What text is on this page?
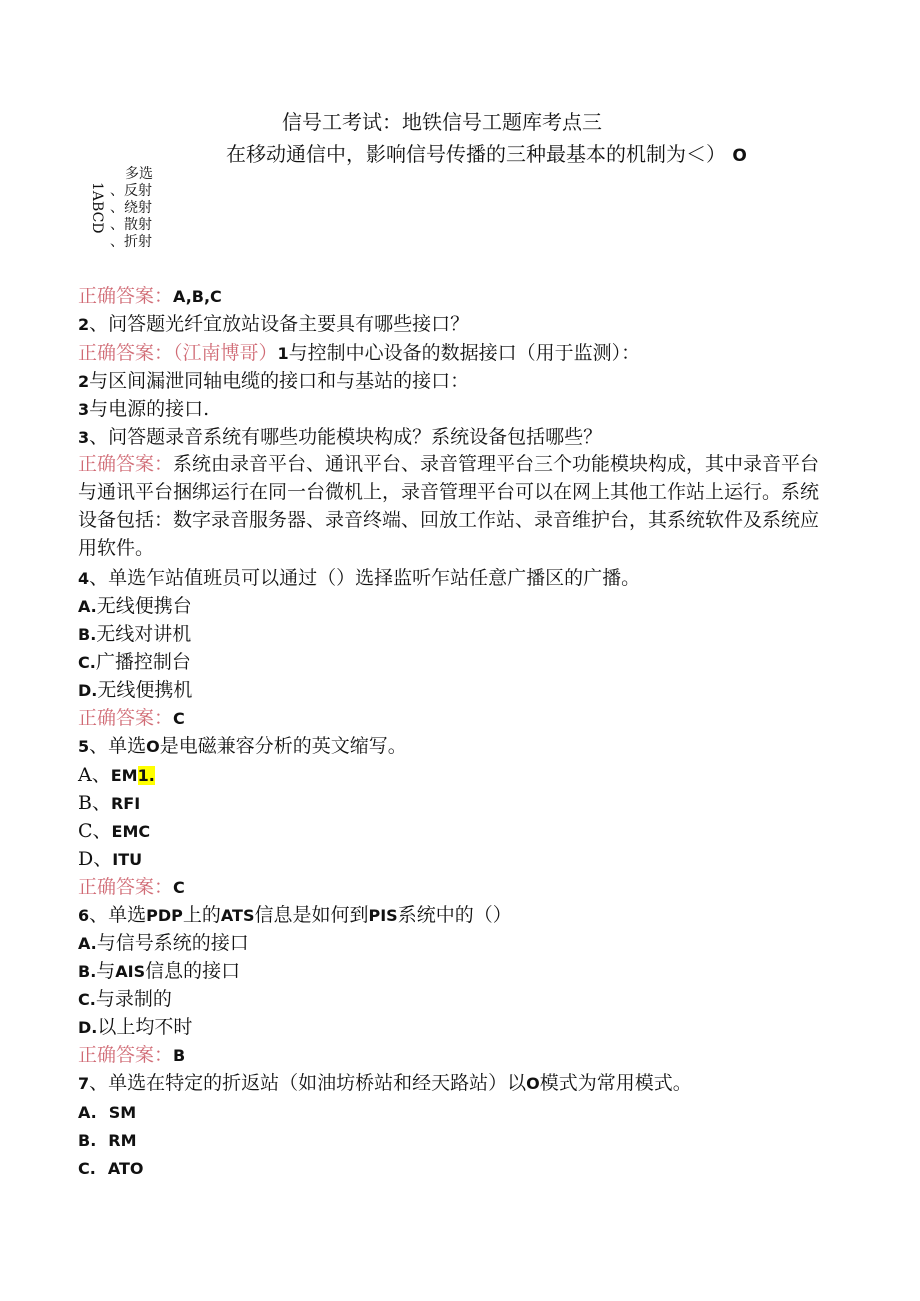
信号工考试：地铁信号工题库考点三
在移动通信中，影响信号传播的三种最基本的机制为＜） O
多选
1ABCD 、反射
、绕射
、散射
、折射
正确答案：A,B,C
2、问答题光纤宜放站设备主要具有哪些接口？
正确答案：（江南博哥）1与控制中心设备的数据接口（用于监测）：
2与区间漏泄同轴电缆的接口和与基站的接口：
3与电源的接口.
3、问答题录音系统有哪些功能模块构成？系统设备包括哪些？
正确答案：系统由录音平台、通讯平台、录音管理平台三个功能模块构成，其中录音平台与通讯平台捆绑运行在同一台微机上，录音管理平台可以在网上其他工作站上运行。系统设备包括：数字录音服务器、录音终端、回放工作站、录音维护台，其系统软件及系统应用软件。
4、单选乍站值班员可以通过（）选择监听乍站任意广播区的广播。
A.无线便携台
B.无线对讲机
C.广播控制台
D.无线便携机
正确答案：C
5、单选O是电磁兼容分析的英文缩写。
A、EM1.
B、RFI
C、EMC
D、ITU
正确答案：C
6、单选PDP上的ATS信息是如何到PIS系统中的（）
A.与信号系统的接口
B.与AIS信息的接口
C.与录制的
D.以上均不时
正确答案：B
7、单选在特定的折返站（如油坊桥站和经天路站）以O模式为常用模式。
A. SM
B. RM
C. ATO
